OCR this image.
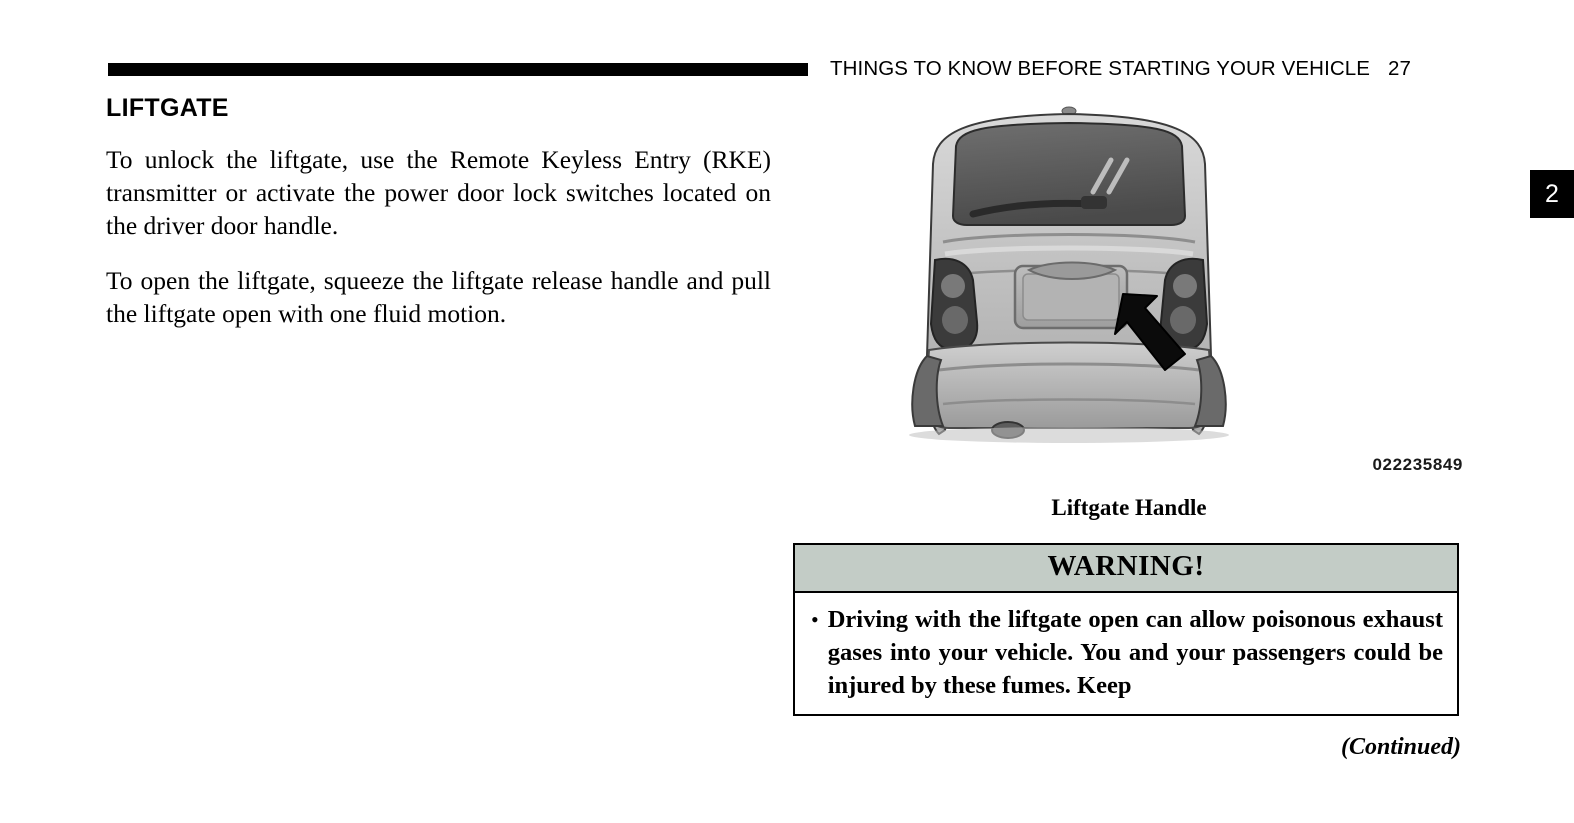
THINGS TO KNOW BEFORE STARTING YOUR VEHICLE 27
2
LIFTGATE

To unlock the liftgate, use the Remote Keyless Entry (RKE) transmitter or activate the power door lock switches located on the driver door handle.

To open the liftgate, squeeze the liftgate release handle and pull the liftgate open with one fluid motion.

022235849
Liftgate Handle
WARNING!
• Driving with the liftgate open can allow poisonous exhaust gases into your vehicle. You and your passengers could be injured by these fumes. Keep
(Continued)
